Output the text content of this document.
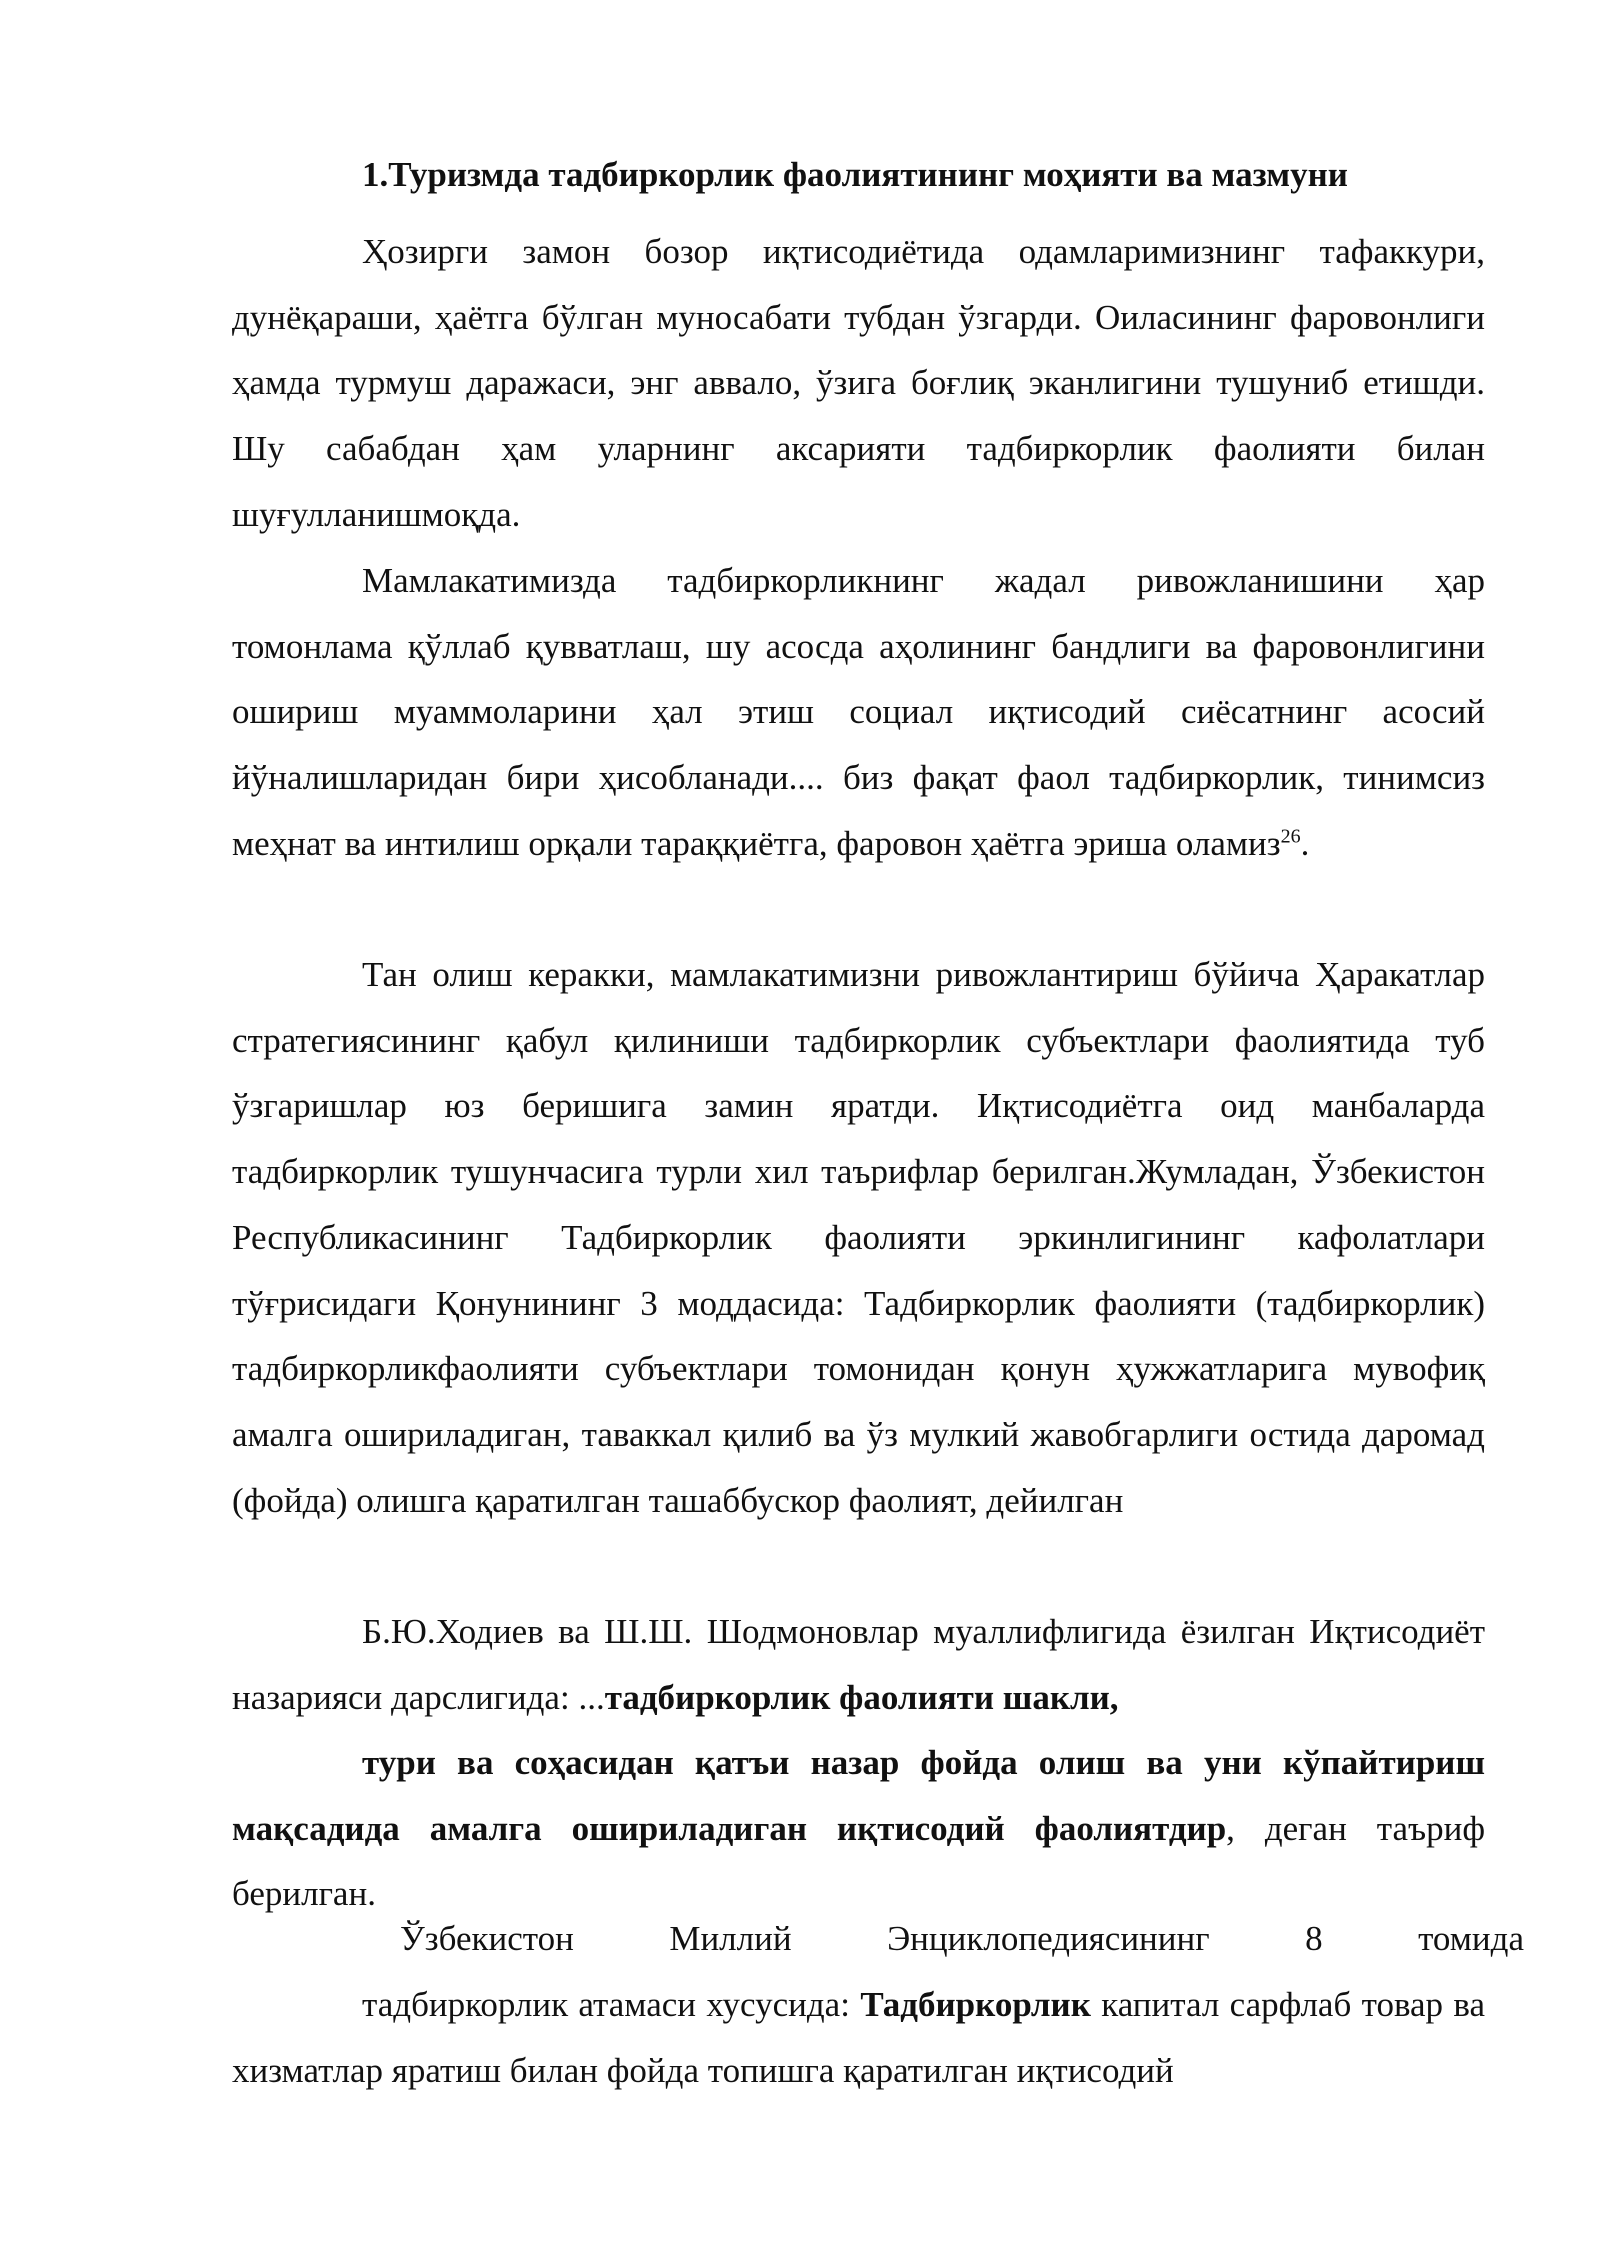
1.Туризмда тадбиркорлик фаолиятининг моҳияти ва мазмуни

Ҳозирги замон бозор иқтисодиётида одамларимизнинг тафаккури, дунёқараши, ҳаётга бўлган муносабати тубдан ўзгарди. Оиласининг фаровонлиги ҳамда турмуш даражаси, энг аввало, ўзига боғлиқ эканлигини тушуниб етишди. Шу сабабдан ҳам уларнинг аксарияти тадбиркорлик фаолияти билан шуғулланишмоқда.

Мамлакатимизда тадбиркорликнинг жадал ривожланишини ҳар томонлама қўллаб қувватлаш, шу асосда аҳолининг бандлиги ва фаровонлигини ошириш муаммоларини ҳал этиш социал иқтисодий сиёсатнинг асосий йўналишларидан бири ҳисобланади.... биз фақат фаол тадбиркорлик, тинимсиз меҳнат ва интилиш орқали тараққиётга, фаровон ҳаётга эриша оламиз$^{26}$.

Тан олиш керакки, мамлакатимизни ривожлантириш бўйича Ҳаракатлар стратегиясининг қабул қилиниши тадбиркорлик субъектлари фаолиятида туб ўзгаришлар юз беришига замин яратди. Иқтисодиётга оид манбаларда тадбиркорлик тушунчасига турли хил таърифлар берилган.Жумладан, Ўзбекистон Республикасининг Тадбиркорлик фаолияти эркинлигининг кафолатлари тўғрисидаги Қонунининг 3 моддасида: Тадбиркорлик фаолияти (тадбиркорлик) тадбиркорликфаолияти субъектлари томонидан қонун ҳужжатларига мувофиқ амалга ошириладиган, таваккал қилиб ва ўз мулкий жавобгарлиги остида даромад (фойда) олишга қаратилган ташаббускор фаолият, дейилган

Б.Ю.Ходиев ва Ш.Ш. Шодмоновлар муаллифлигида ёзилган Иқтисодиёт назарияси дарслигида: ...тадбиркорлик фаолияти шакли,

тури ва соҳасидан қатъи назар фойда олиш ва уни кўпайтириш мақсадида амалга ошириладиган иқтисодий фаолиятдир, деган таъриф берилган.

Ўзбекистон Миллий Энциклопедиясининг 8 томида

тадбиркорлик атамаси хусусида: Тадбиркорлик капитал сарфлаб товар ва хизматлар яратиш билан фойда топишга қаратилган иқтисодий
